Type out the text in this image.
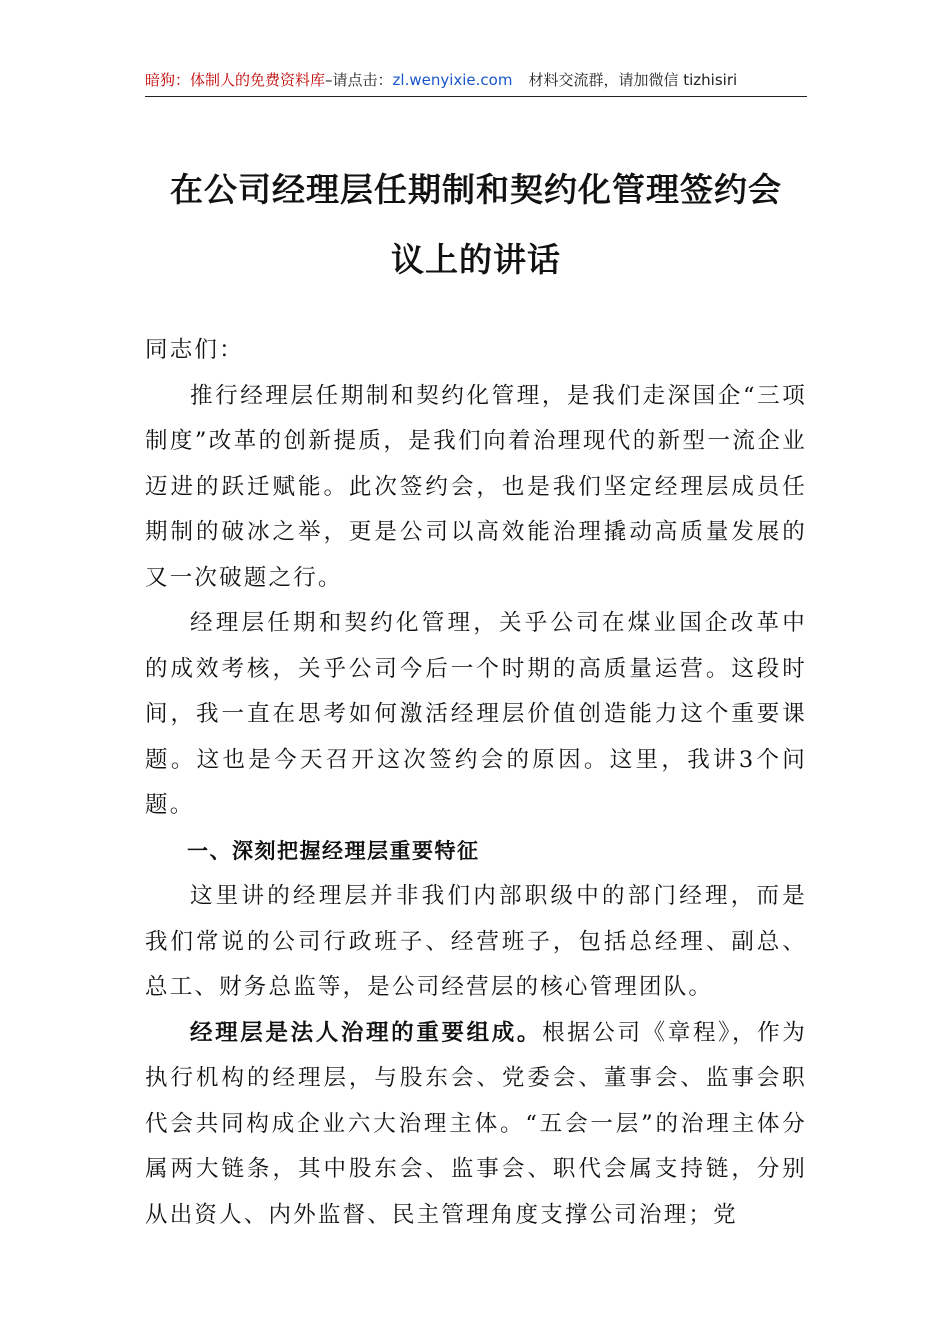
暗狗：体制人的免费资料库–请点击：zl.wenyixie.com 材料交流群，请加微信 tizhisiri
在公司经理层任期制和契约化管理签约会
议上的讲话

同志们：

推行经理层任期制和契约化管理，是我们走深国企“三项制度”改革的创新提质，是我们向着治理现代的新型一流企业迈进的跃迁赋能。此次签约会，也是我们坚定经理层成员任期制的破冰之举，更是公司以高效能治理撬动高质量发展的又一次破题之行。

经理层任期和契约化管理，关乎公司在煤业国企改革中的成效考核，关乎公司今后一个时期的高质量运营。这段时间，我一直在思考如何激活经理层价值创造能力这个重要课题。这也是今天召开这次签约会的原因。这里，我讲3个问题。

一、深刻把握经理层重要特征

这里讲的经理层并非我们内部职级中的部门经理，而是我们常说的公司行政班子、经营班子，包括总经理、副总、总工、财务总监等，是公司经营层的核心管理团队。

经理层是法人治理的重要组成。根据公司《章程》，作为执行机构的经理层，与股东会、党委会、董事会、监事会职代会共同构成企业六大治理主体。“五会一层”的治理主体分属两大链条，其中股东会、监事会、职代会属支持链，分别从出资人、内外监督、民主管理角度支撑公司治理；党
